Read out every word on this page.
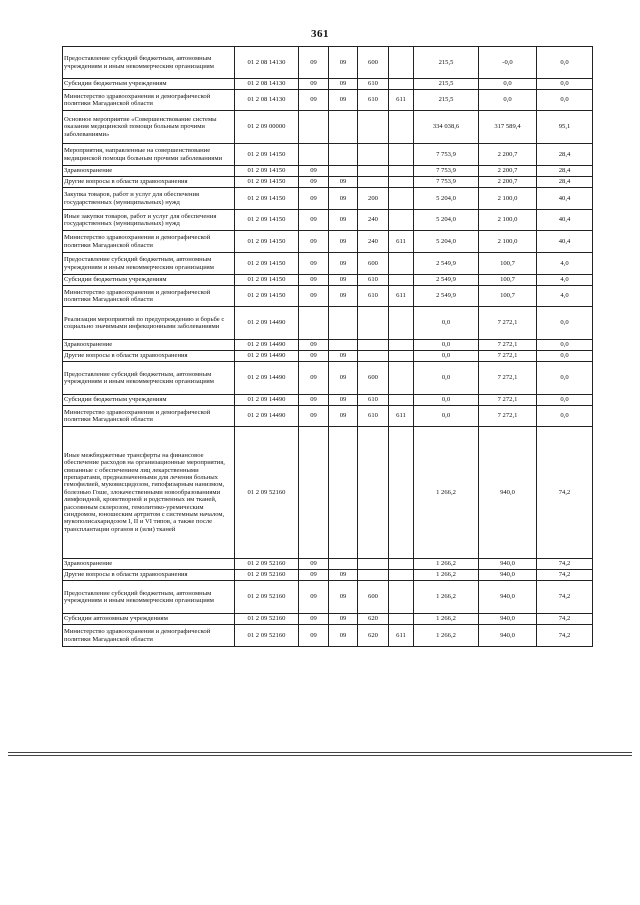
361
Предоставление субсидий бюджетным, автономным учреждениям и иным некоммерческим организациям	01 2 08 14130	09	09	600		215,5	-0,0	0,0
Субсидии бюджетным учреждениям	01 2 08 14130	09	09	610		215,5	0,0	0,0
Министерство здравоохранения и демографической политики Магаданской области	01 2 08 14130	09	09	610	611	215,5	0,0	0,0
Основное мероприятие «Совершенствование системы оказания медицинской помощи больным прочими заболеваниями»	01 2 09 00000					334 038,6	317 589,4	95,1
Мероприятия, направленные на совершенствование медицинской помощи больным прочими заболеваниями	01 2 09 14150					7 753,9	2 200,7	28,4
Здравоохранение	01 2 09 14150	09				7 753,9	2 200,7	28,4
Другие вопросы в области здравоохранения	01 2 09 14150	09	09			7 753,9	2 200,7	28,4
Закупка товаров, работ и услуг для обеспечения государственных (муниципальных) нужд	01 2 09 14150	09	09	200		5 204,0	2 100,0	40,4
Иные закупки товаров, работ и услуг для обеспечения государственных (муниципальных) нужд	01 2 09 14150	09	09	240		5 204,0	2 100,0	40,4
Министерство здравоохранения и демографической политики Магаданской области	01 2 09 14150	09	09	240	611	5 204,0	2 100,0	40,4
Предоставление субсидий бюджетным, автономным учреждениям и иным некоммерческим организациям	01 2 09 14150	09	09	600		2 549,9	100,7	4,0
Субсидии бюджетным учреждениям	01 2 09 14150	09	09	610		2 549,9	100,7	4,0
Министерство здравоохранения и демографической политики Магаданской области	01 2 09 14150	09	09	610	611	2 549,9	100,7	4,0
Реализация мероприятий по предупреждению и борьбе с социально значимыми инфекционными заболеваниями	01 2 09 14490					0,0	7 272,1	0,0
Здравоохранение	01 2 09 14490	09				0,0	7 272,1	0,0
Другие вопросы в области здравоохранения	01 2 09 14490	09	09			0,0	7 272,1	0,0
Предоставление субсидий бюджетным, автономным учреждениям и иным некоммерческим организациям	01 2 09 14490	09	09	600		0,0	7 272,1	0,0
Субсидии бюджетным учреждениям	01 2 09 14490	09	09	610		0,0	7 272,1	0,0
Министерство здравоохранения и демографической политики Магаданской области	01 2 09 14490	09	09	610	611	0,0	7 272,1	0,0
Иные межбюджетные трансферты на финансовое обеспечение расходов на организационные мероприятия, связанные с обеспечением лиц лекарственными препаратами, предназначенными для лечения больных гемофилией, муковисцидозом, гипофизарным нанизмом, болезнью Гоше, злокачественными новообразованиями лимфоидной, кроветворной и родственных им тканей, рассеянным склерозом, гемолитико-уремическим синдромом, юношеским артритом с системным началом, мукополисахаридозом I, II и VI типов, а также после трансплантации органов и (или) тканей	01 2 09 52160					1 266,2	940,0	74,2
Здравоохранение	01 2 09 52160	09				1 266,2	940,0	74,2
Другие вопросы в области здравоохранения	01 2 09 52160	09	09			1 266,2	940,0	74,2
Предоставление субсидий бюджетным, автономным учреждениям и иным некоммерческим организациям	01 2 09 52160	09	09	600		1 266,2	940,0	74,2
Субсидии автономным учреждениям	01 2 09 52160	09	09	620		1 266,2	940,0	74,2
Министерство здравоохранения и демографической политики Магаданской области	01 2 09 52160	09	09	620	611	1 266,2	940,0	74,2
